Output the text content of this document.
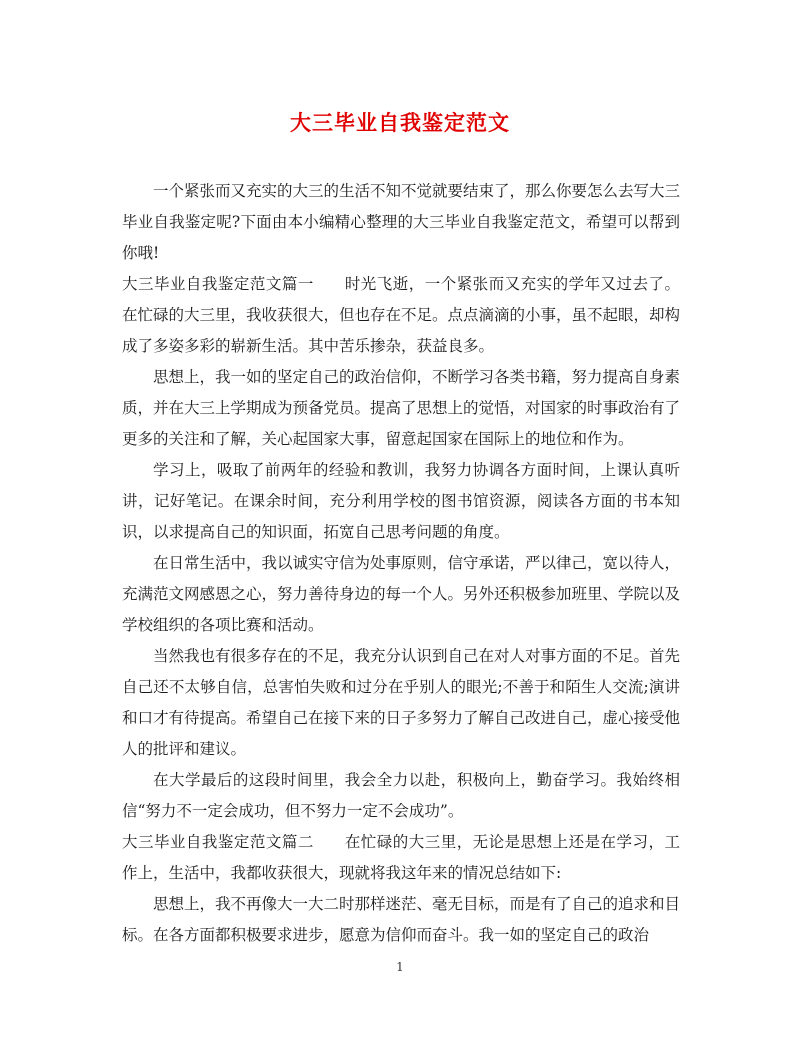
大三毕业自我鉴定范文

一个紧张而又充实的大三的生活不知不觉就要结束了，那么你要怎么去写大三毕业自我鉴定呢?下面由本小编精心整理的大三毕业自我鉴定范文，希望可以帮到你哦!

大三毕业自我鉴定范文篇一 时光飞逝，一个紧张而又充实的学年又过去了。在忙碌的大三里，我收获很大，但也存在不足。点点滴滴的小事，虽不起眼，却构成了多姿多彩的崭新生活。其中苦乐掺杂，获益良多。

思想上，我一如的坚定自己的政治信仰，不断学习各类书籍，努力提高自身素质，并在大三上学期成为预备党员。提高了思想上的觉悟，对国家的时事政治有了更多的关注和了解，关心起国家大事，留意起国家在国际上的地位和作为。

学习上，吸取了前两年的经验和教训，我努力协调各方面时间，上课认真听讲，记好笔记。在课余时间，充分利用学校的图书馆资源，阅读各方面的书本知识，以求提高自己的知识面，拓宽自己思考问题的角度。

在日常生活中，我以诚实守信为处事原则，信守承诺，严以律己，宽以待人，充满范文网感恩之心，努力善待身边的每一个人。另外还积极参加班里、学院以及学校组织的各项比赛和活动。

当然我也有很多存在的不足，我充分认识到自己在对人对事方面的不足。首先自己还不太够自信，总害怕失败和过分在乎别人的眼光;不善于和陌生人交流;演讲和口才有待提高。希望自己在接下来的日子多努力了解自己改进自己，虚心接受他人的批评和建议。

在大学最后的这段时间里，我会全力以赴，积极向上，勤奋学习。我始终相信“努力不一定会成功，但不努力一定不会成功”。

大三毕业自我鉴定范文篇二 在忙碌的大三里，无论是思想上还是在学习，工作上，生活中，我都收获很大，现就将我这年来的情况总结如下:

思想上，我不再像大一大二时那样迷茫、毫无目标，而是有了自己的追求和目标。在各方面都积极要求进步，愿意为信仰而奋斗。我一如的坚定自己的政治

1
